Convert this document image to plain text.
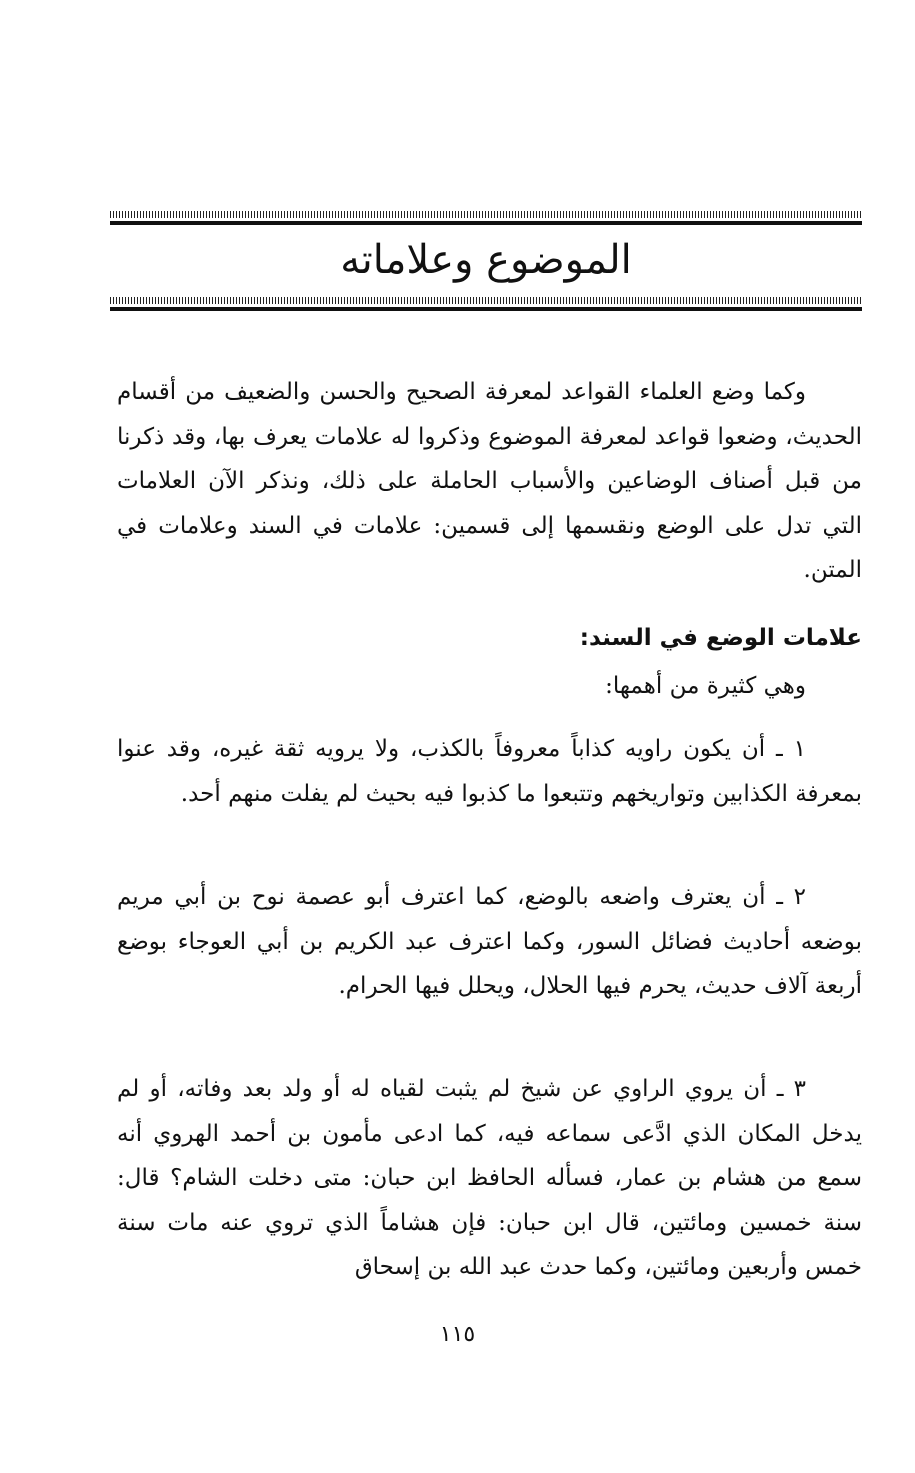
الموضوع وعلاماته

وكما وضع العلماء القواعد لمعرفة الصحيح والحسن والضعيف من أقسام الحديث، وضعوا قواعد لمعرفة الموضوع وذكروا له علامات يعرف بها، وقد ذكرنا من قبل أصناف الوضاعين والأسباب الحاملة على ذلك، ونذكر الآن العلامات التي تدل على الوضع ونقسمها إلى قسمين: علامات في السند وعلامات في المتن.

علامات الوضع في السند:

وهي كثيرة من أهمها:

١ ـ أن يكون راويه كذاباً معروفاً بالكذب، ولا يرويه ثقة غيره، وقد عنوا بمعرفة الكذابين وتواريخهم وتتبعوا ما كذبوا فيه بحيث لم يفلت منهم أحد.

٢ ـ أن يعترف واضعه بالوضع، كما اعترف أبو عصمة نوح بن أبي مريم بوضعه أحاديث فضائل السور، وكما اعترف عبد الكريم بن أبي العوجاء بوضع أربعة آلاف حديث، يحرم فيها الحلال، ويحلل فيها الحرام.

٣ ـ أن يروي الراوي عن شيخ لم يثبت لقياه له أو ولد بعد وفاته، أو لم يدخل المكان الذي ادَّعى سماعه فيه، كما ادعى مأمون بن أحمد الهروي أنه سمع من هشام بن عمار، فسأله الحافظ ابن حبان: متى دخلت الشام؟ قال: سنة خمسين ومائتين، قال ابن حبان: فإن هشاماً الذي تروي عنه مات سنة خمس وأربعين ومائتين، وكما حدث عبد الله بن إسحاق

١١٥
